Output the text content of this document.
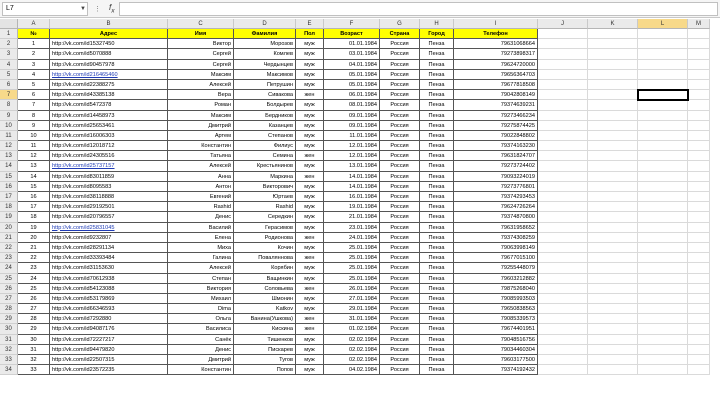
L7	▼ ⋮ $f_x$
A	B	C	D	E	F	G	H	I	J	K	L	M
1	№	Адрес	Имя	Фамилия	Пол	Возраст	Страна	Город	Телефон
2	1	http://vk.com/id15327450	Виктор	Морозов	муж	01.01.1984	Россия	Пенза	79631068664
3	2	http://vk.com/id5070888	Сергей	Комлев	муж	03.01.1984	Россия	Пенза	79273898317
4	3	http://vk.com/id90457978	Сергей	Чердынцев	муж	04.01.1984	Россия	Пенза	79624720000
5	4	http://vk.com/id216465460	Максим	Максимов	муж	05.01.1984	Россия	Пенза	79656364703
6	5	http://vk.com/id22388275	Алексей	Петрушин	муж	05.01.1984	Россия	Пенза	79677818508
7	6	http://vk.com/id43385138	Вера	Сивакова	жен	06.01.1984	Россия	Пенза	79042808149
8	7	http://vk.com/id5472378	Роман	Болдырев	муж	08.01.1984	Россия	Пенза	79374639231
9	8	http://vk.com/id14458973	Максим	Бердников	муж	09.01.1984	Россия	Пенза	79273466234
10	9	http://vk.com/id25653461	Дмитрий	Казанцев	муж	09.01.1984	Россия	Пенза	79275874425
11	10	http://vk.com/id16006303	Артем	Степанов	муж	11.01.1984	Россия	Пенза	79022848802
12	11	http://vk.com/id12018712	Константин	Филиус	муж	12.01.1984	Россия	Пенза	79374163230
13	12	http://vk.com/id24305516	Татьяна	Семина	жен	12.01.1984	Россия	Пенза	79631824707
14	13	http://vk.com/id25737157	Алексей	Крестьянинов	муж	13.01.1984	Россия	Пенза	79273724402
15	14	http://vk.com/id83011859	Анна	Маркина	жен	14.01.1984	Россия	Пенза	79093224019
16	15	http://vk.com/id8095583	Антон	Викторович	муж	14.01.1984	Россия	Пенза	79273776801
17	16	http://vk.com/id38118888	Евгений	Юртаев	муж	16.01.1984	Россия	Пенза	79374293453
18	17	http://vk.com/id29192501	Rashid	Rashid	муж	19.01.1984	Россия	Пенза	79624726264
19	18	http://vk.com/id20796557	Денис	Середкин	муж	21.01.1984	Россия	Пенза	79374870800
20	19	http://vk.com/id25831045	Василий	Герасимов	муж	23.01.1984	Россия	Пенза	79631958652
21	20	http://vk.com/id9232807	Елена	Родионова	жен	24.01.1984	Россия	Пенза	79374308259
22	21	http://vk.com/id28291134	Миха	Кочин	муж	25.01.1984	Россия	Пенза	79063998149
23	22	http://vk.com/id33393484	Галина	Поваляннова	жен	25.01.1984	Россия	Пенза	79677015100
24	23	http://vk.com/id31153630	Алексей	Корябин	муж	25.01.1984	Россия	Пенза	79255448079
25	24	http://vk.com/id70612938	Степан	Ващинкин	муж	25.01.1984	Россия	Пенза	79603212882
26	25	http://vk.com/id54123088	Виктория	Соловьева	жен	26.01.1984	Россия	Пенза	79875268040
27	26	http://vk.com/id53179869	Михаил	Шмонин	муж	27.01.1984	Россия	Пенза	79085993503
28	27	http://vk.com/id66346593	Dima	Katkov	муж	29.01.1984	Россия	Пенза	79650838563
29	28	http://vk.com/id7292880	Ольга	Ванина(Ушкова)	жен	31.01.1984	Россия	Пенза	79085339573
30	29	http://vk.com/id94087176	Василиса	Кискина	жен	01.02.1984	Россия	Пенза	79674401951
31	30	http://vk.com/id72227217	Санёк	Тишенков	муж	02.02.1984	Россия	Пенза	79048516756
32	31	http://vk.com/id94479820	Денис	Пискарев	муж	02.02.1984	Россия	Пенза	79034460304
33	32	http://vk.com/id22507315	Дмитрий	Тугов	муж	02.02.1984	Россия	Пенза	79603177500
34	33	http://vk.com/id23572235	Константин	Попов	муж	04.02.1984	Россия	Пенза	79374192432
